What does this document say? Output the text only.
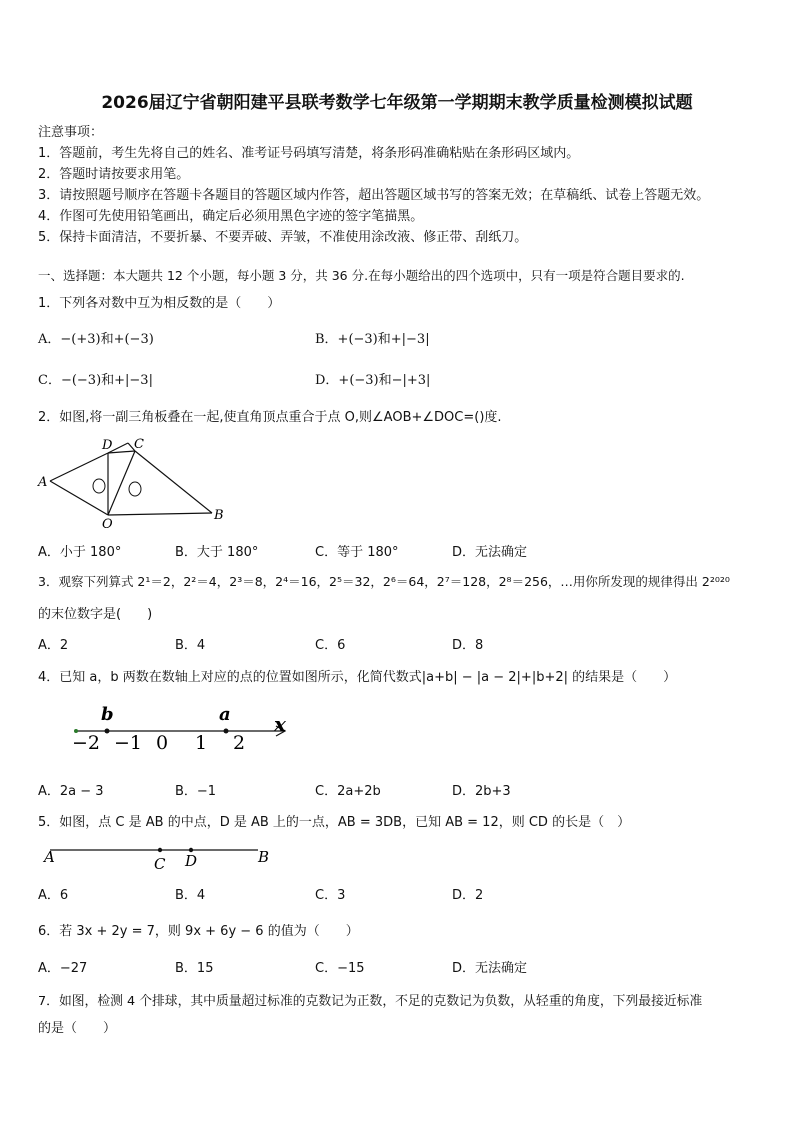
2026届辽宁省朝阳建平县联考数学七年级第一学期期末教学质量检测模拟试题
注意事项：
1．答题前，考生先将自己的姓名、准考证号码填写清楚，将条形码准确粘贴在条形码区域内。
2．答题时请按要求用笔。
3．请按照题号顺序在答题卡各题目的答题区域内作答，超出答题区域书写的答案无效；在草稿纸、试卷上答题无效。
4．作图可先使用铅笔画出，确定后必须用黑色字迹的签字笔描黑。
5．保持卡面清洁，不要折暴、不要弄破、弄皱，不准使用涂改液、修正带、刮纸刀。
一、选择题：本大题共 12 个小题，每小题 3 分，共 36 分.在每小题给出的四个选项中，只有一项是符合题目要求的.
1．下列各对数中互为相反数的是（　　）
A．−(+3)和+(−3)	B．+(−3)和+|−3|
C．−(−3)和+|−3|	D．+(−3)和−|+3|
2．如图,将一副三角板叠在一起,使直角顶点重合于点 O,则∠AOB+∠DOC=()度.
A
D C
O
B
A．小于 180°	B．大于 180°	C．等于 180°	D．无法确定
3．观察下列算式 2¹＝2，2²＝4，2³＝8，2⁴＝16，2⁵＝32，2⁶＝64，2⁷＝128，2⁸＝256，…用你所发现的规律得出 2²⁰²⁰
的末位数字是(　　)
A．2	B．4	C．6	D．8
4．已知 a，b 两数在数轴上对应的点的位置如图所示，化简代数式|a+b| − |a − 2|+|b+2| 的结果是（　　）
b	a x
−2 −1 0 1 2
A．2a − 3	B．−1	C．2a+2b	D．2b+3
5．如图，点 C 是 AB 的中点，D 是 AB 上的一点，AB = 3DB，已知 AB = 12，则 CD 的长是（　）
A	C D	B
A．6	B．4	C．3	D．2
6．若 3x + 2y = 7，则 9x + 6y − 6 的值为（　　）
A．−27	B．15	C．−15	D．无法确定
7．如图，检测 4 个排球，其中质量超过标准的克数记为正数，不足的克数记为负数，从轻重的角度，下列最接近标准
的是（　　）
